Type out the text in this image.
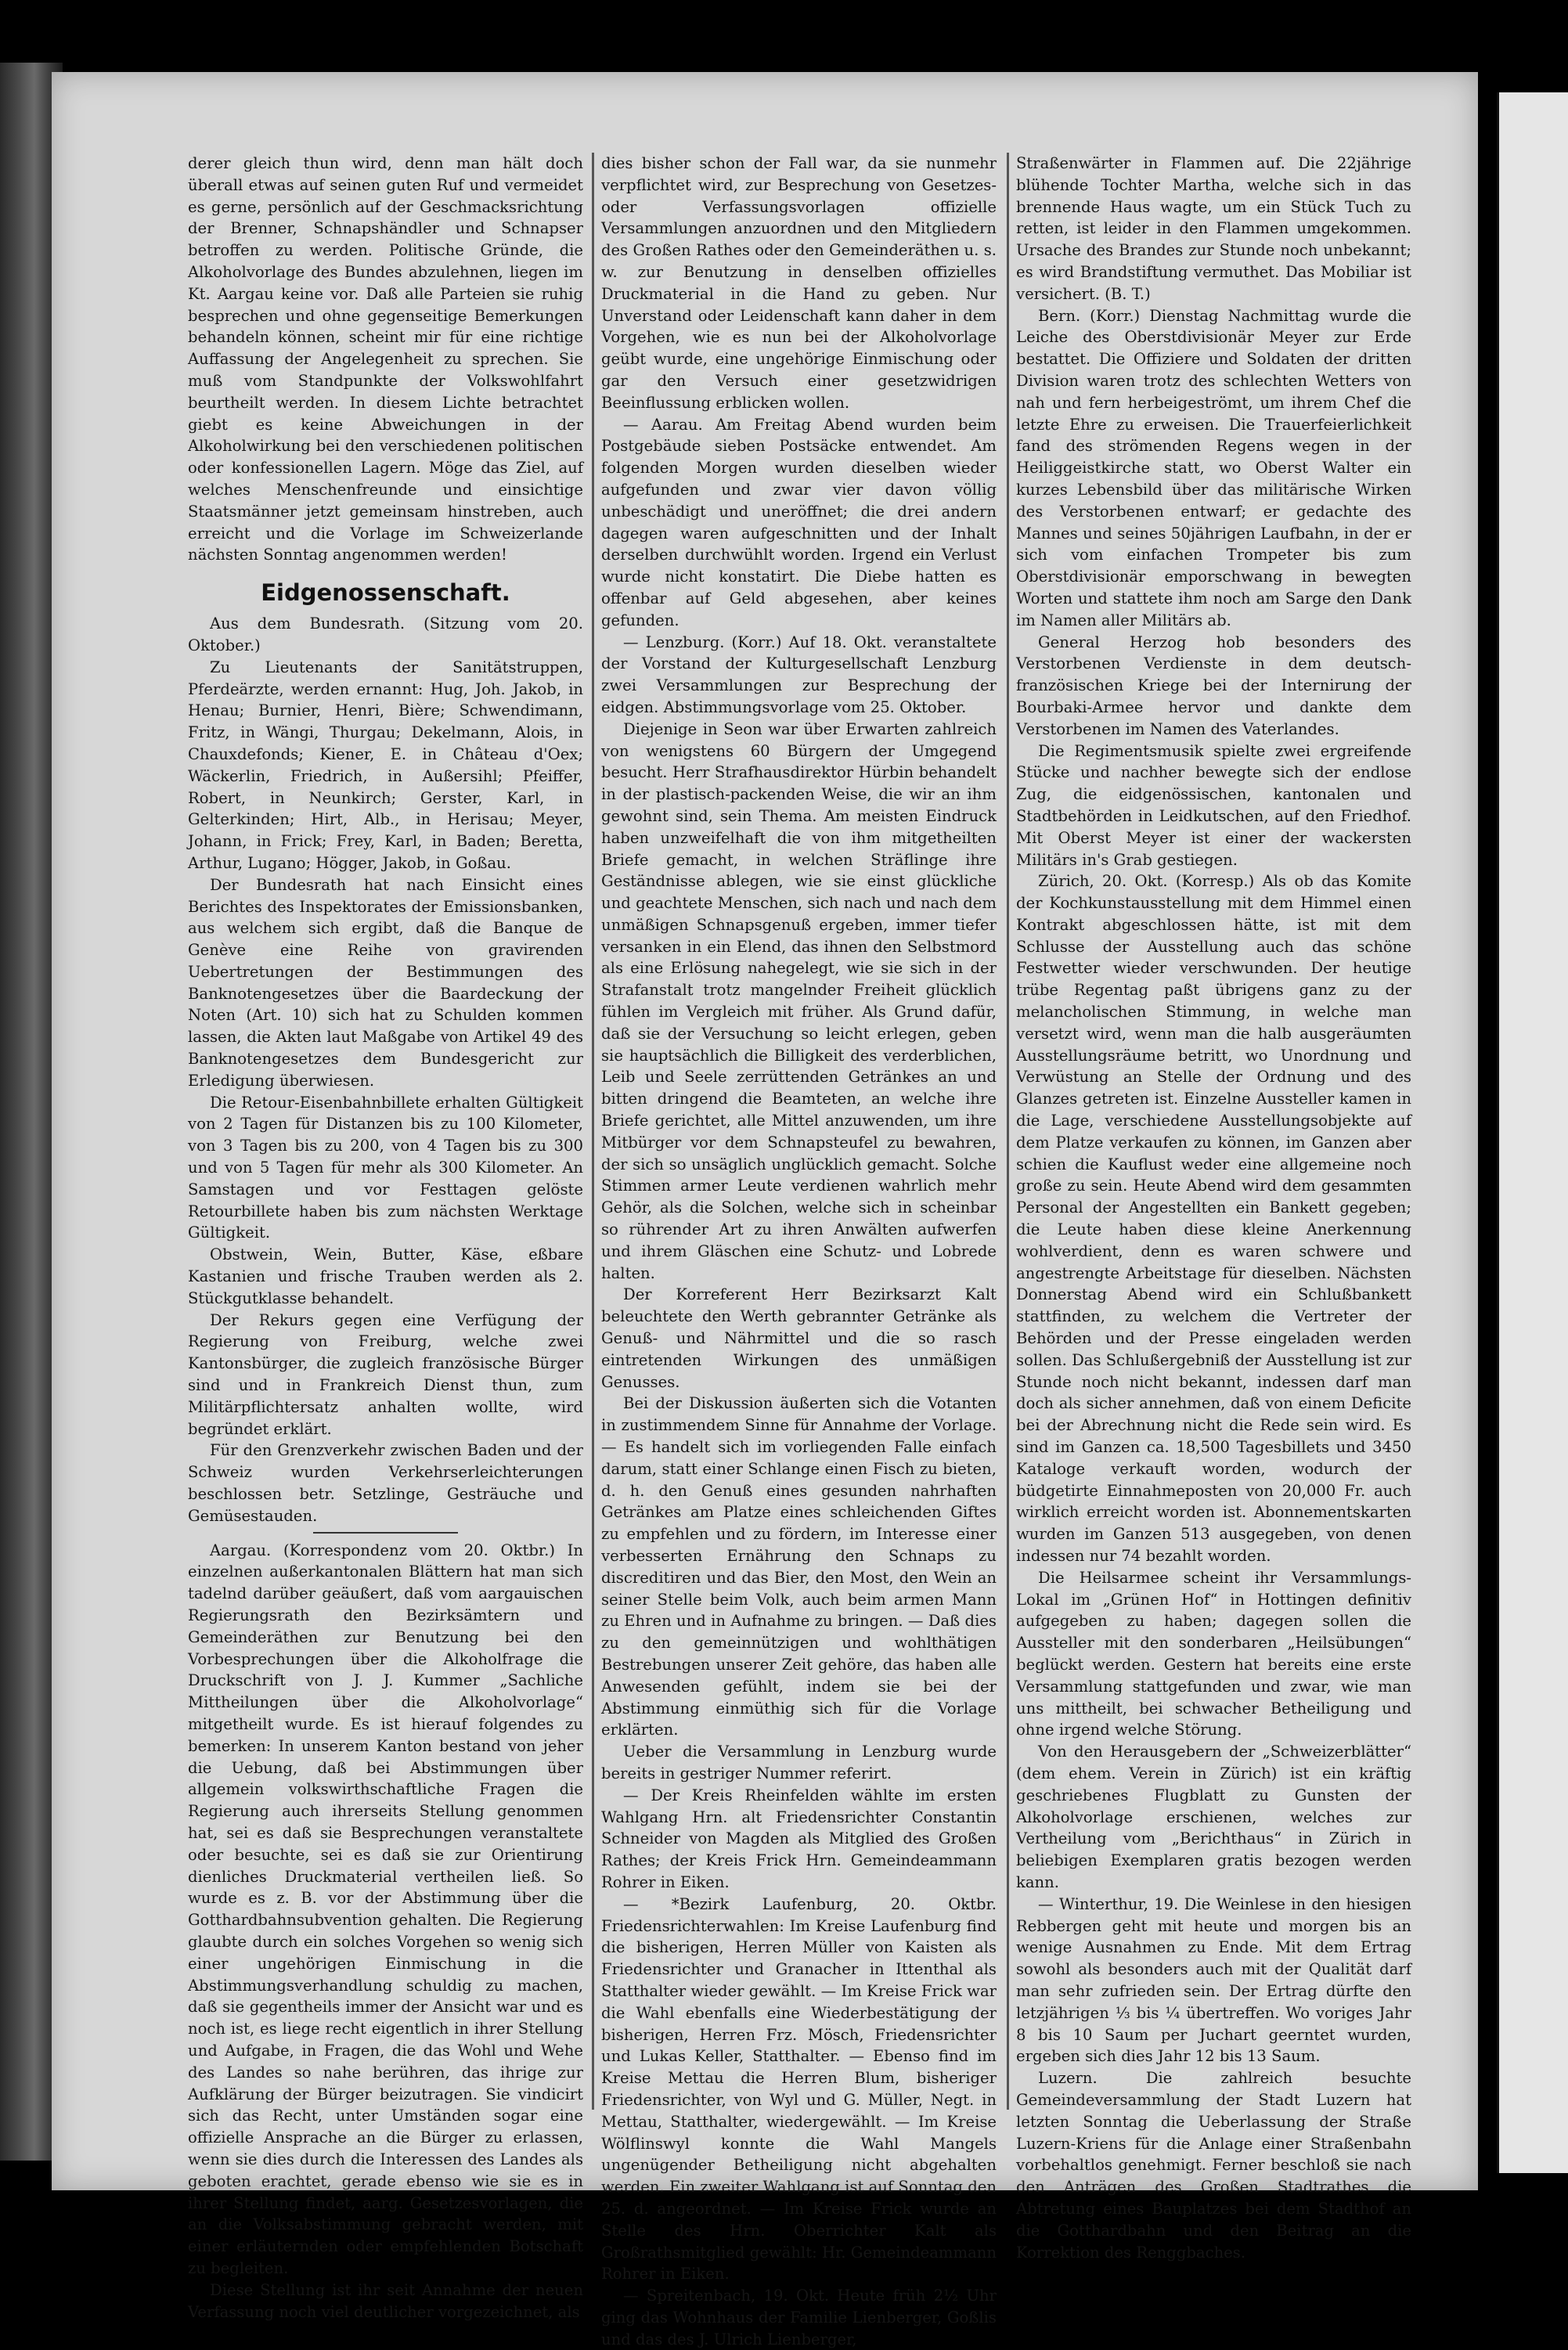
derer gleich thun wird, denn man hält doch überall etwas auf seinen guten Ruf und vermeidet es gerne, persönlich auf der Geschmacksrichtung der Brenner, Schnapshändler und Schnapser betroffen zu werden. Politische Gründe, die Alkoholvorlage des Bundes abzulehnen, liegen im Kt. Aargau keine vor. Daß alle Parteien sie ruhig besprechen und ohne gegenseitige Bemerkungen behandeln können, scheint mir für eine richtige Auffassung der Angelegenheit zu sprechen. Sie muß vom Standpunkte der Volkswohlfahrt beurtheilt werden. In diesem Lichte betrachtet giebt es keine Abweichungen in der Alkoholwirkung bei den verschiedenen politischen oder konfessionellen Lagern. Möge das Ziel, auf welches Menschenfreunde und einsichtige Staatsmänner jetzt gemeinsam hinstreben, auch erreicht und die Vorlage im Schweizerlande nächsten Sonntag angenommen werden!

Eidgenossenschaft.

Aus dem Bundesrath. (Sitzung vom 20. Oktober.)

Zu Lieutenants der Sanitätstruppen, Pferdeärzte, werden ernannt: Hug, Joh. Jakob, in Henau; Burnier, Henri, Bière; Schwendimann, Fritz, in Wängi, Thurgau; Dekelmann, Alois, in Chauxdefonds; Kiener, E. in Château d'Oex; Wäckerlin, Friedrich, in Außersihl; Pfeiffer, Robert, in Neunkirch; Gerster, Karl, in Gelterkinden; Hirt, Alb., in Herisau; Meyer, Johann, in Frick; Frey, Karl, in Baden; Beretta, Arthur, Lugano; Högger, Jakob, in Goßau.

Der Bundesrath hat nach Einsicht eines Berichtes des Inspektorates der Emissionsbanken, aus welchem sich ergibt, daß die Banque de Genève eine Reihe von gravirenden Uebertretungen der Bestimmungen des Banknotengesetzes über die Baardeckung der Noten (Art. 10) sich hat zu Schulden kommen lassen, die Akten laut Maßgabe von Artikel 49 des Banknotengesetzes dem Bundesgericht zur Erledigung überwiesen.

Die Retour-Eisenbahnbillete erhalten Gültigkeit von 2 Tagen für Distanzen bis zu 100 Kilometer, von 3 Tagen bis zu 200, von 4 Tagen bis zu 300 und von 5 Tagen für mehr als 300 Kilometer. An Samstagen und vor Festtagen gelöste Retourbillete haben bis zum nächsten Werktage Gültigkeit.

Obstwein, Wein, Butter, Käse, eßbare Kastanien und frische Trauben werden als 2. Stückgutklasse behandelt.

Der Rekurs gegen eine Verfügung der Regierung von Freiburg, welche zwei Kantonsbürger, die zugleich französische Bürger sind und in Frankreich Dienst thun, zum Militärpflichtersatz anhalten wollte, wird begründet erklärt.

Für den Grenzverkehr zwischen Baden und der Schweiz wurden Verkehrserleichterungen beschlossen betr. Setzlinge, Gesträuche und Gemüsestauden.

Aargau. (Korrespondenz vom 20. Oktbr.) In einzelnen außerkantonalen Blättern hat man sich tadelnd darüber geäußert, daß vom aargauischen Regierungsrath den Bezirksämtern und Gemeinderäthen zur Benutzung bei den Vorbesprechungen über die Alkoholfrage die Druckschrift von J. J. Kummer „Sachliche Mittheilungen über die Alkoholvorlage“ mitgetheilt wurde. Es ist hierauf folgendes zu bemerken: In unserem Kanton bestand von jeher die Uebung, daß bei Abstimmungen über allgemein volkswirthschaftliche Fragen die Regierung auch ihrerseits Stellung genommen hat, sei es daß sie Besprechungen veranstaltete oder besuchte, sei es daß sie zur Orientirung dienliches Druckmaterial vertheilen ließ. So wurde es z. B. vor der Abstimmung über die Gotthardbahnsubvention gehalten. Die Regierung glaubte durch ein solches Vorgehen so wenig sich einer ungehörigen Einmischung in die Abstimmungsverhandlung schuldig zu machen, daß sie gegentheils immer der Ansicht war und es noch ist, es liege recht eigentlich in ihrer Stellung und Aufgabe, in Fragen, die das Wohl und Wehe des Landes so nahe berühren, das ihrige zur Aufklärung der Bürger beizutragen. Sie vindicirt sich das Recht, unter Umständen sogar eine offizielle Ansprache an die Bürger zu erlassen, wenn sie dies durch die Interessen des Landes als geboten erachtet, gerade ebenso wie sie es in ihrer Stellung findet, aarg. Gesetzesvorlagen, die an die Volksabstimmung gebracht werden, mit einer erläuternden oder empfehlenden Botschaft zu begleiten.

Diese Stellung ist ihr seit Annahme der neuen Verfassung noch viel deutlicher vorgezeichnet, als

dies bisher schon der Fall war, da sie nunmehr verpflichtet wird, zur Besprechung von Gesetzes- oder Verfassungsvorlagen offizielle Versammlungen anzuordnen und den Mitgliedern des Großen Rathes oder den Gemeinderäthen u. s. w. zur Benutzung in denselben offizielles Druckmaterial in die Hand zu geben. Nur Unverstand oder Leidenschaft kann daher in dem Vorgehen, wie es nun bei der Alkoholvorlage geübt wurde, eine ungehörige Einmischung oder gar den Versuch einer gesetzwidrigen Beeinflussung erblicken wollen.

— Aarau. Am Freitag Abend wurden beim Postgebäude sieben Postsäcke entwendet. Am folgenden Morgen wurden dieselben wieder aufgefunden und zwar vier davon völlig unbeschädigt und uneröffnet; die drei andern dagegen waren aufgeschnitten und der Inhalt derselben durchwühlt worden. Irgend ein Verlust wurde nicht konstatirt. Die Diebe hatten es offenbar auf Geld abgesehen, aber keines gefunden.

— Lenzburg. (Korr.) Auf 18. Okt. veranstaltete der Vorstand der Kulturgesellschaft Lenzburg zwei Versammlungen zur Besprechung der eidgen. Abstimmungsvorlage vom 25. Oktober.

Diejenige in Seon war über Erwarten zahlreich von wenigstens 60 Bürgern der Umgegend besucht. Herr Strafhausdirektor Hürbin behandelt in der plastisch-packenden Weise, die wir an ihm gewohnt sind, sein Thema. Am meisten Eindruck haben unzweifelhaft die von ihm mitgetheilten Briefe gemacht, in welchen Sträflinge ihre Geständnisse ablegen, wie sie einst glückliche und geachtete Menschen, sich nach und nach dem unmäßigen Schnapsgenuß ergeben, immer tiefer versanken in ein Elend, das ihnen den Selbstmord als eine Erlösung nahegelegt, wie sie sich in der Strafanstalt trotz mangelnder Freiheit glücklich fühlen im Vergleich mit früher. Als Grund dafür, daß sie der Versuchung so leicht erlegen, geben sie hauptsächlich die Billigkeit des verderblichen, Leib und Seele zerrüttenden Getränkes an und bitten dringend die Beamteten, an welche ihre Briefe gerichtet, alle Mittel anzuwenden, um ihre Mitbürger vor dem Schnapsteufel zu bewahren, der sich so unsäglich unglücklich gemacht. Solche Stimmen armer Leute verdienen wahrlich mehr Gehör, als die Solchen, welche sich in scheinbar so rührender Art zu ihren Anwälten aufwerfen und ihrem Gläschen eine Schutz- und Lobrede halten.

Der Korreferent Herr Bezirksarzt Kalt beleuchtete den Werth gebrannter Getränke als Genuß- und Nährmittel und die so rasch eintretenden Wirkungen des unmäßigen Genusses.

Bei der Diskussion äußerten sich die Votanten in zustimmendem Sinne für Annahme der Vorlage. — Es handelt sich im vorliegenden Falle einfach darum, statt einer Schlange einen Fisch zu bieten, d. h. den Genuß eines gesunden nahrhaften Getränkes am Platze eines schleichenden Giftes zu empfehlen und zu fördern, im Interesse einer verbesserten Ernährung den Schnaps zu discreditiren und das Bier, den Most, den Wein an seiner Stelle beim Volk, auch beim armen Mann zu Ehren und in Aufnahme zu bringen. — Daß dies zu den gemeinnützigen und wohlthätigen Bestrebungen unserer Zeit gehöre, das haben alle Anwesenden gefühlt, indem sie bei der Abstimmung einmüthig sich für die Vorlage erklärten.

Ueber die Versammlung in Lenzburg wurde bereits in gestriger Nummer referirt.

— Der Kreis Rheinfelden wählte im ersten Wahlgang Hrn. alt Friedensrichter Constantin Schneider von Magden als Mitglied des Großen Rathes; der Kreis Frick Hrn. Gemeindeammann Rohrer in Eiken.

— *Bezirk Laufenburg, 20. Oktbr. Friedensrichterwahlen: Im Kreise Laufenburg find die bisherigen, Herren Müller von Kaisten als Friedensrichter und Granacher in Ittenthal als Statthalter wieder gewählt. — Im Kreise Frick war die Wahl ebenfalls eine Wiederbestätigung der bisherigen, Herren Frz. Mösch, Friedensrichter und Lukas Keller, Statthalter. — Ebenso find im Kreise Mettau die Herren Blum, bisheriger Friedensrichter, von Wyl und G. Müller, Negt. in Mettau, Statthalter, wiedergewählt. — Im Kreise Wölflinswyl konnte die Wahl Mangels ungenügender Betheiligung nicht abgehalten werden. Ein zweiter Wahlgang ist auf Sonntag den 25. d. angeordnet. — Im Kreise Frick wurde an Stelle des Hrn. Oberrichter Kalt als Großrathsmitglied gewählt: Hr. Gemeindeammann Rohrer in Eiken.

— Spreitenbach, 19. Okt. Heute früh 2½ Uhr ging das Wohnhaus der Familie Lienberger, Goßlis und das des J. Ulrich Lienberger,

Straßenwärter in Flammen auf. Die 22jährige blühende Tochter Martha, welche sich in das brennende Haus wagte, um ein Stück Tuch zu retten, ist leider in den Flammen umgekommen. Ursache des Brandes zur Stunde noch unbekannt; es wird Brandstiftung vermuthet. Das Mobiliar ist versichert. (B. T.)

Bern. (Korr.) Dienstag Nachmittag wurde die Leiche des Oberstdivisionär Meyer zur Erde bestattet. Die Offiziere und Soldaten der dritten Division waren trotz des schlechten Wetters von nah und fern herbeigeströmt, um ihrem Chef die letzte Ehre zu erweisen. Die Trauerfeierlichkeit fand des strömenden Regens wegen in der Heiliggeistkirche statt, wo Oberst Walter ein kurzes Lebensbild über das militärische Wirken des Verstorbenen entwarf; er gedachte des Mannes und seines 50jährigen Laufbahn, in der er sich vom einfachen Trompeter bis zum Oberstdivisionär emporschwang in bewegten Worten und stattete ihm noch am Sarge den Dank im Namen aller Militärs ab.

General Herzog hob besonders des Verstorbenen Verdienste in dem deutsch-französischen Kriege bei der Internirung der Bourbaki-Armee hervor und dankte dem Verstorbenen im Namen des Vaterlandes.

Die Regimentsmusik spielte zwei ergreifende Stücke und nachher bewegte sich der endlose Zug, die eidgenössischen, kantonalen und Stadtbehörden in Leidkutschen, auf den Friedhof. Mit Oberst Meyer ist einer der wackersten Militärs in's Grab gestiegen.

Zürich, 20. Okt. (Korresp.) Als ob das Komite der Kochkunstausstellung mit dem Himmel einen Kontrakt abgeschlossen hätte, ist mit dem Schlusse der Ausstellung auch das schöne Festwetter wieder verschwunden. Der heutige trübe Regentag paßt übrigens ganz zu der melancholischen Stimmung, in welche man versetzt wird, wenn man die halb ausgeräumten Ausstellungsräume betritt, wo Unordnung und Verwüstung an Stelle der Ordnung und des Glanzes getreten ist. Einzelne Aussteller kamen in die Lage, verschiedene Ausstellungsobjekte auf dem Platze verkaufen zu können, im Ganzen aber schien die Kauflust weder eine allgemeine noch große zu sein. Heute Abend wird dem gesammten Personal der Angestellten ein Bankett gegeben; die Leute haben diese kleine Anerkennung wohlverdient, denn es waren schwere und angestrengte Arbeitstage für dieselben. Nächsten Donnerstag Abend wird ein Schlußbankett stattfinden, zu welchem die Vertreter der Behörden und der Presse eingeladen werden sollen. Das Schlußergebniß der Ausstellung ist zur Stunde noch nicht bekannt, indessen darf man doch als sicher annehmen, daß von einem Deficite bei der Abrechnung nicht die Rede sein wird. Es sind im Ganzen ca. 18,500 Tagesbillets und 3450 Kataloge verkauft worden, wodurch der büdgetirte Einnahmeposten von 20,000 Fr. auch wirklich erreicht worden ist. Abonnementskarten wurden im Ganzen 513 ausgegeben, von denen indessen nur 74 bezahlt worden.

Die Heilsarmee scheint ihr Versammlungs-Lokal im „Grünen Hof“ in Hottingen definitiv aufgegeben zu haben; dagegen sollen die Aussteller mit den sonderbaren „Heilsübungen“ beglückt werden. Gestern hat bereits eine erste Versammlung stattgefunden und zwar, wie man uns mittheilt, bei schwacher Betheiligung und ohne irgend welche Störung.

Von den Herausgebern der „Schweizerblätter“ (dem ehem. Verein in Zürich) ist ein kräftig geschriebenes Flugblatt zu Gunsten der Alkoholvorlage erschienen, welches zur Vertheilung vom „Berichthaus“ in Zürich in beliebigen Exemplaren gratis bezogen werden kann.

— Winterthur, 19. Die Weinlese in den hiesigen Rebbergen geht mit heute und morgen bis an wenige Ausnahmen zu Ende. Mit dem Ertrag sowohl als besonders auch mit der Qualität darf man sehr zufrieden sein. Der Ertrag dürfte den letzjährigen ⅓ bis ¼ übertreffen. Wo voriges Jahr 8 bis 10 Saum per Juchart geerntet wurden, ergeben sich dies Jahr 12 bis 13 Saum.

Luzern. Die zahlreich besuchte Gemeindeversammlung der Stadt Luzern hat letzten Sonntag die Ueberlassung der Straße Luzern-Kriens für die Anlage einer Straßenbahn vorbehaltlos genehmigt. Ferner beschloß sie nach den Anträgen des Großen Stadtrathes die Abtretung eines Bauplatzes bei dem Stadthof an die Gotthardbahn und den Beitrag an die Korrektion des Renggbaches.
